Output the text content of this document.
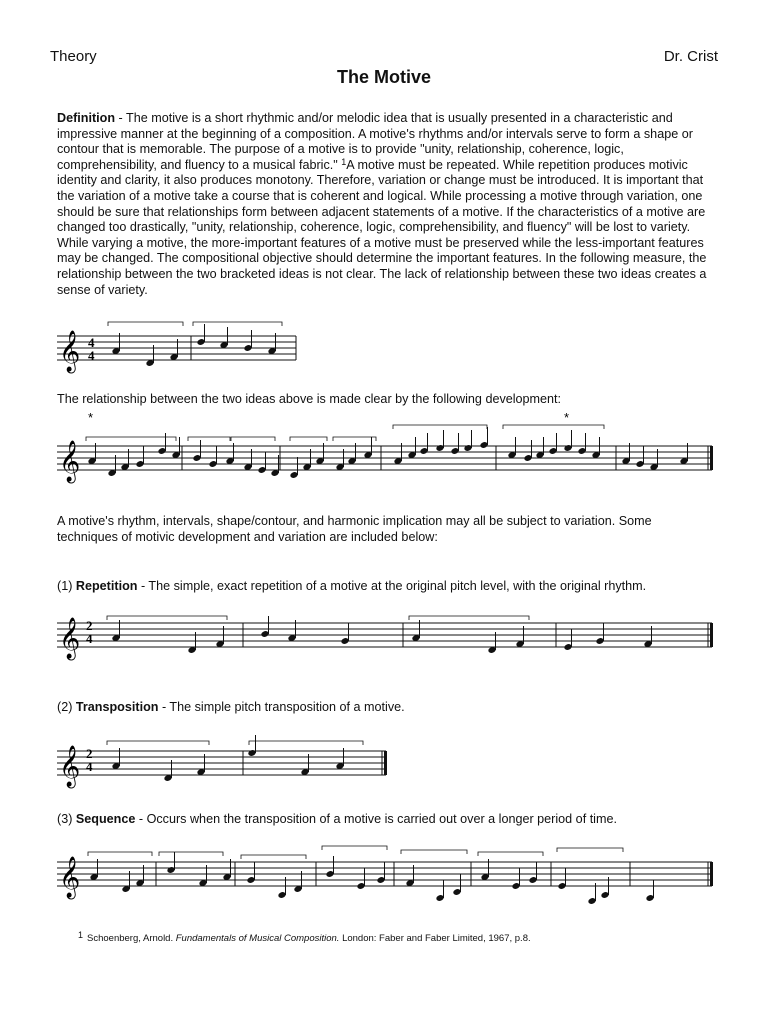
Theory	Dr. Crist
The Motive
Definition - The motive is a short rhythmic and/or melodic idea that is usually presented in a characteristic and impressive manner at the beginning of a composition. A motive's rhythms and/or intervals serve to form a shape or contour that is memorable. The purpose of a motive is to provide "unity, relationship, coherence, logic, comprehensibility, and fluency to a musical fabric." $^1$A motive must be repeated. While repetition produces motivic identity and clarity, it also produces monotony. Therefore, variation or change must be introduced. It is important that the variation of a motive take a course that is coherent and logical. While processing a motive through variation, one should be sure that relationships form between adjacent statements of a motive. If the characteristics of a motive are changed too drastically, "unity, relationship, coherence, logic, comprehensibility, and fluency" will be lost to variety. While varying a motive, the more-important features of a motive must be preserved while the less-important features may be changed. The compositional objective should determine the important features. In the following measure, the relationship between the two bracketed ideas is not clear. The lack of relationship between these two ideas creates a sense of variety.
The relationship between the two ideas above is made clear by the following development:
A motive's rhythm, intervals, shape/contour, and harmonic implication may all be subject to variation. Some
techniques of motivic development and variation are included below:
(1) Repetition - The simple, exact repetition of a motive at the original pitch level, with the original rhythm.
(2) Transposition - The simple pitch transposition of a motive.
(3) Sequence - Occurs when the transposition of a motive is carried out over a longer period of time.
𝄞
𝄞
𝄞
𝄞
𝄞
4
4
2
4
2
4
*	*
1 Schoenberg, Arnold. Fundamentals of Musical Composition. London: Faber and Faber Limited, 1967, p.8.
